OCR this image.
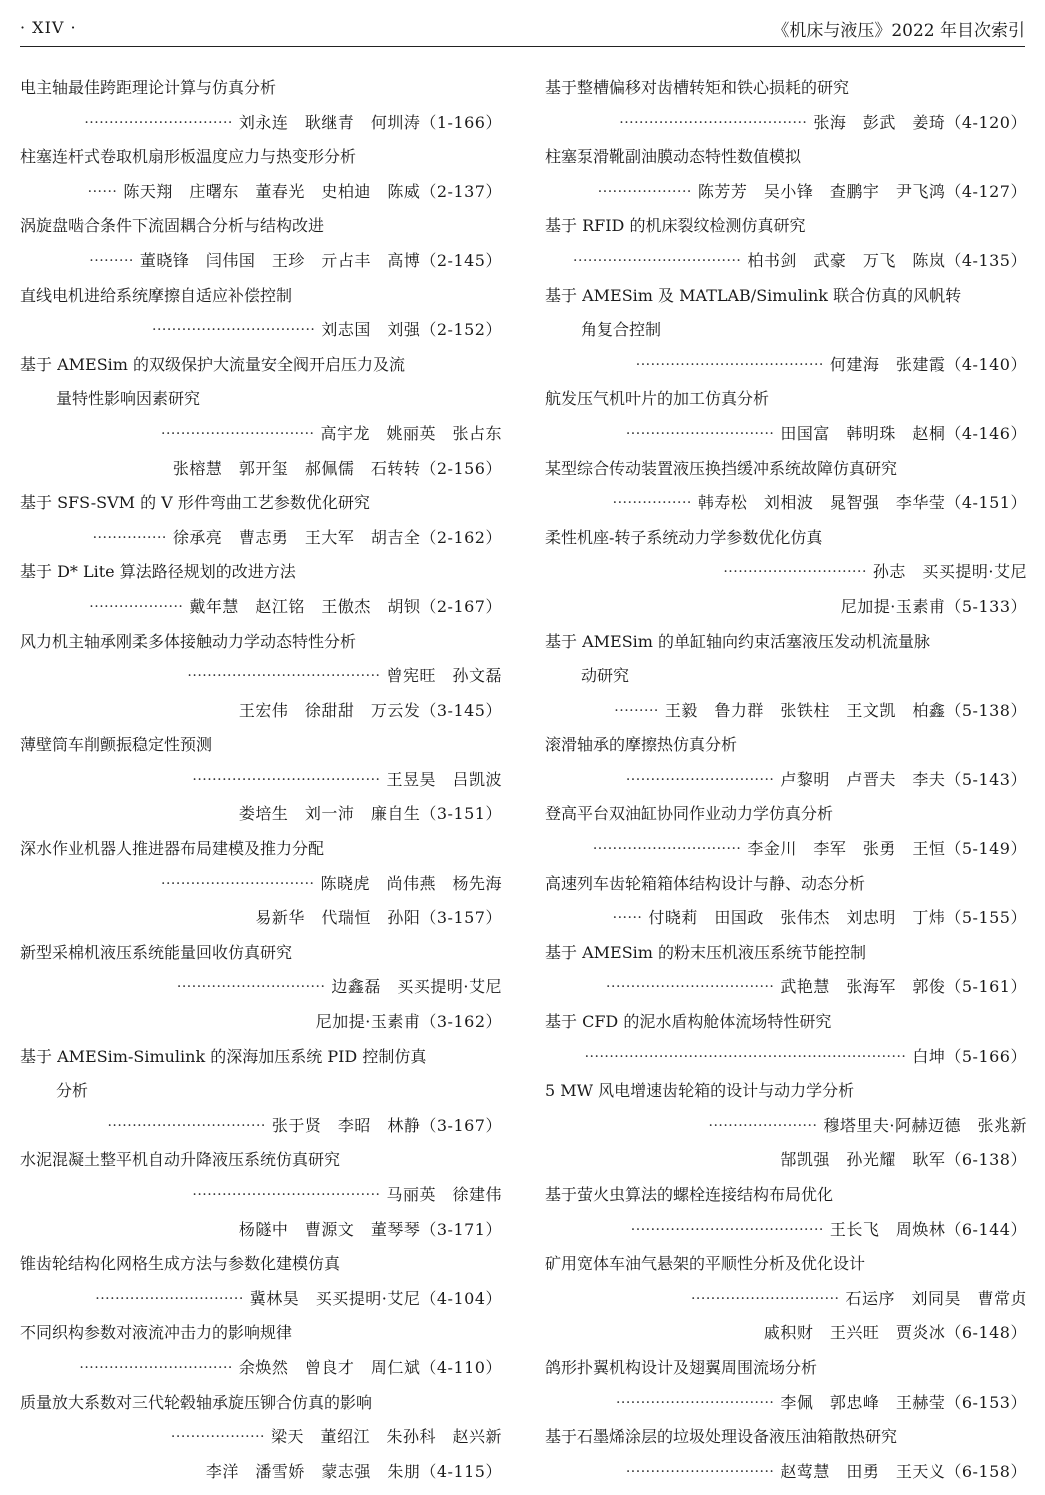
· XIV ·	《机床与液压》2022 年目次索引
电主轴最佳跨距理论计算与仿真分析
······························ 刘永连　耿继青　何圳涛（1-166）
柱塞连杆式卷取机扇形板温度应力与热变形分析
······ 陈天翔　庄曙东　董春光　史柏迪　陈威（2-137）
涡旋盘啮合条件下流固耦合分析与结构改进
········· 董晓锋　闫伟国　王珍　亓占丰　高博（2-145）
直线电机进给系统摩擦自适应补偿控制
································· 刘志国　刘强（2-152）
基于 AMESim 的双级保护大流量安全阀开启压力及流
量特性影响因素研究
······························· 高宇龙　姚丽英　张占东
张榕慧　郭开玺　郝佩儒　石转转（2-156）
基于 SFS-SVM 的 V 形件弯曲工艺参数优化研究
··············· 徐承亮　曹志勇　王大军　胡吉全（2-162）
基于 D* Lite 算法路径规划的改进方法
··················· 戴年慧　赵江铭　王傲杰　胡钡（2-167）
风力机主轴承刚柔多体接触动力学动态特性分析
······································· 曾宪旺　孙文磊
王宏伟　徐甜甜　万云发（3-145）
薄壁筒车削颤振稳定性预测
······································ 王昱昊　吕凯波
娄培生　刘一沛　廉自生（3-151）
深水作业机器人推进器布局建模及推力分配
······························· 陈晓虎　尚伟燕　杨先海
易新华　代瑞恒　孙阳（3-157）
新型采棉机液压系统能量回收仿真研究
······························ 边鑫磊　买买提明·艾尼
尼加提·玉素甫（3-162）
基于 AMESim-Simulink 的深海加压系统 PID 控制仿真
分析
································ 张于贤　李昭　林静（3-167）
水泥混凝土整平机自动升降液压系统仿真研究
······································ 马丽英　徐建伟
杨隧中　曹源文　董琴琴（3-171）
锥齿轮结构化网格生成方法与参数化建模仿真
······························ 冀林昊　买买提明·艾尼（4-104）
不同织构参数对液流冲击力的影响规律
······························· 余焕然　曾良才　周仁斌（4-110）
质量放大系数对三代轮毂轴承旋压铆合仿真的影响
··················· 梁天　董绍江　朱孙科　赵兴新
李洋　潘雪娇　蒙志强　朱朋（4-115）
基于整槽偏移对齿槽转矩和铁心损耗的研究
······································ 张海　彭武　姜琦（4-120）
柱塞泵滑靴副油膜动态特性数值模拟
··················· 陈芳芳　吴小锋　查鹏宇　尹飞鸿（4-127）
基于 RFID 的机床裂纹检测仿真研究
·································· 柏书剑　武豪　万飞　陈岚（4-135）
基于 AMESim 及 MATLAB/Simulink 联合仿真的风帆转
角复合控制
······································ 何建海　张建霞（4-140）
航发压气机叶片的加工仿真分析
······························ 田国富　韩明珠　赵桐（4-146）
某型综合传动装置液压换挡缓冲系统故障仿真研究
················ 韩寿松　刘相波　晁智强　李华莹（4-151）
柔性机座-转子系统动力学参数优化仿真
····························· 孙志　买买提明·艾尼
尼加提·玉素甫（5-133）
基于 AMESim 的单缸轴向约束活塞液压发动机流量脉
动研究
········· 王毅　鲁力群　张铁柱　王文凯　柏鑫（5-138）
滚滑轴承的摩擦热仿真分析
······························ 卢黎明　卢晋夫　李夫（5-143）
登高平台双油缸协同作业动力学仿真分析
······························ 李金川　李军　张勇　王恒（5-149）
高速列车齿轮箱箱体结构设计与静、动态分析
······ 付晓莉　田国政　张伟杰　刘忠明　丁炜（5-155）
基于 AMESim 的粉末压机液压系统节能控制
·································· 武艳慧　张海军　郭俊（5-161）
基于 CFD 的泥水盾构舱体流场特性研究
································································· 白坤（5-166）
5 MW 风电增速齿轮箱的设计与动力学分析
······················ 穆塔里夫·阿赫迈德　张兆新
郜凯强　孙光耀　耿军（6-138）
基于萤火虫算法的螺栓连接结构布局优化
······································· 王长飞　周焕林（6-144）
矿用宽体车油气悬架的平顺性分析及优化设计
······························ 石运序　刘同昊　曹常贞
戚积财　王兴旺　贾炎冰（6-148）
鸽形扑翼机构设计及翅翼周围流场分析
································ 李佩　郭忠峰　王赫莹（6-153）
基于石墨烯涂层的垃圾处理设备液压油箱散热研究
······························ 赵莺慧　田勇　王天义（6-158）
